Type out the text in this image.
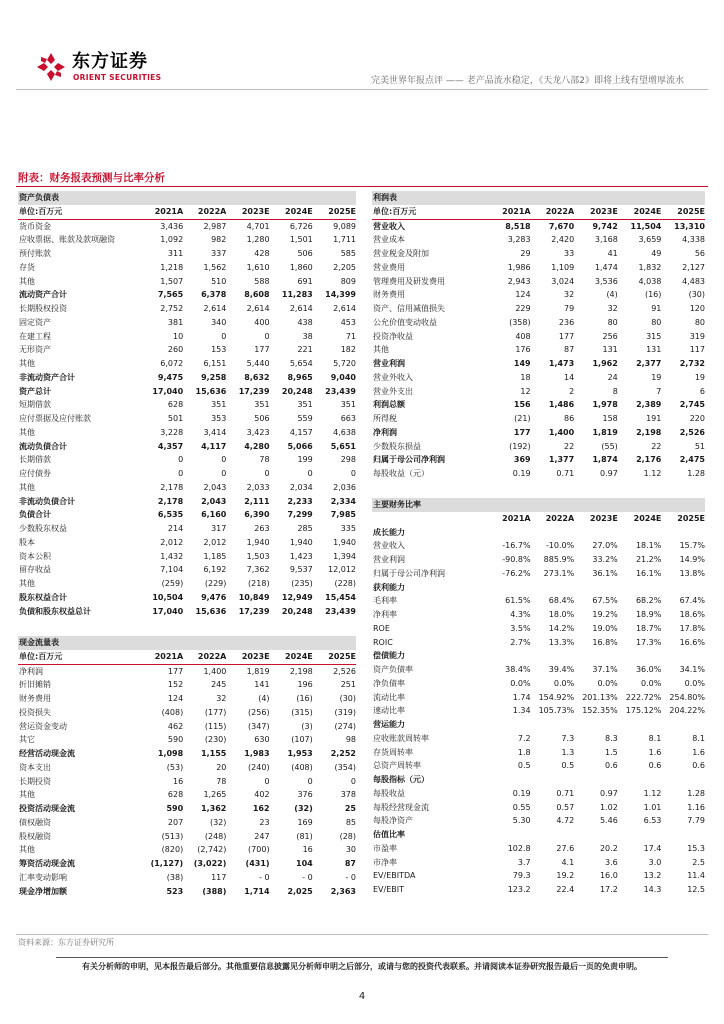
东方证券
ORIENT SECURITIES	完美世界年报点评 —— 老产品流水稳定，《天龙八部2》即将上线有望增厚流水
附表：财务报表预测与比率分析
资产负债表					
单位:百万元	2021A	2022A	2023E	2024E	2025E
货币资金	3,436	2,987	4,701	6,726	9,089
应收票据、账款及款项融资	1,092	982	1,280	1,501	1,711
预付账款	311	337	428	506	585
存货	1,218	1,562	1,610	1,860	2,205
其他	1,507	510	588	691	809
流动资产合计	7,565	6,378	8,608	11,283	14,399
长期股权投资	2,752	2,614	2,614	2,614	2,614
固定资产	381	340	400	438	453
在建工程	10	0	0	38	71
无形资产	260	153	177	221	182
其他	6,072	6,151	5,440	5,654	5,720
非流动资产合计	9,475	9,258	8,632	8,965	9,040
资产总计	17,040	15,636	17,239	20,248	23,439
短期借款	628	351	351	351	351
应付票据及应付账款	501	353	506	559	663
其他	3,228	3,414	3,423	4,157	4,638
流动负债合计	4,357	4,117	4,280	5,066	5,651
长期借款	0	0	78	199	298
应付债券	0	0	0	0	0
其他	2,178	2,043	2,033	2,034	2,036
非流动负债合计	2,178	2,043	2,111	2,233	2,334
负债合计	6,535	6,160	6,390	7,299	7,985
少数股东权益	214	317	263	285	335
股本	2,012	2,012	1,940	1,940	1,940
资本公积	1,432	1,185	1,503	1,423	1,394
留存收益	7,104	6,192	7,362	9,537	12,012
其他	(259)	(229)	(218)	(235)	(228)
股东权益合计	10,504	9,476	10,849	12,949	15,454
负债和股东权益总计	17,040	15,636	17,239	20,248	23,439
现金流量表					
单位:百万元	2021A	2022A	2023E	2024E	2025E
净利润	177	1,400	1,819	2,198	2,526
折旧摊销	152	245	141	196	251
财务费用	124	32	(4)	(16)	(30)
投资损失	(408)	(177)	(256)	(315)	(319)
营运资金变动	462	(115)	(347)	(3)	(274)
其它	590	(230)	630	(107)	98
经营活动现金流	1,098	1,155	1,983	1,953	2,252
资本支出	(53)	20	(240)	(408)	(354)
长期投资	16	78	0	0	0
其他	628	1,265	402	376	378
投资活动现金流	590	1,362	162	(32)	25
债权融资	207	(32)	23	169	85
股权融资	(513)	(248)	247	(81)	(28)
其他	(820)	(2,742)	(700)	16	30
筹资活动现金流	(1,127)	(3,022)	(431)	104	87
汇率变动影响	(38)	117	- 0	- 0	- 0
现金净增加额	523	(388)	1,714	2,025	2,363
利润表					
单位:百万元	2021A	2022A	2023E	2024E	2025E
营业收入	8,518	7,670	9,742	11,504	13,310
营业成本	3,283	2,420	3,168	3,659	4,338
营业税金及附加	29	33	41	49	56
营业费用	1,986	1,109	1,474	1,832	2,127
管理费用及研发费用	2,943	3,024	3,536	4,038	4,483
财务费用	124	32	(4)	(16)	(30)
资产、信用减值损失	229	79	32	91	120
公允价值变动收益	(358)	236	80	80	80
投资净收益	408	177	256	315	319
其他	176	87	131	131	117
营业利润	149	1,473	1,962	2,377	2,732
营业外收入	18	14	24	19	19
营业外支出	12	2	8	7	6
利润总额	156	1,486	1,978	2,389	2,745
所得税	(21)	86	158	191	220
净利润	177	1,400	1,819	2,198	2,526
少数股东损益	(192)	22	(55)	22	51
归属于母公司净利润	369	1,377	1,874	2,176	2,475
每股收益（元）	0.19	0.71	0.97	1.12	1.28
主要财务比率					
	2021A	2022A	2023E	2024E	2025E
成长能力					
营业收入	-16.7%	-10.0%	27.0%	18.1%	15.7%
营业利润	-90.8%	885.9%	33.2%	21.2%	14.9%
归属于母公司净利润	-76.2%	273.1%	36.1%	16.1%	13.8%
获利能力					
毛利率	61.5%	68.4%	67.5%	68.2%	67.4%
净利率	4.3%	18.0%	19.2%	18.9%	18.6%
ROE	3.5%	14.2%	19.0%	18.7%	17.8%
ROIC	2.7%	13.3%	16.8%	17.3%	16.6%
偿债能力					
资产负债率	38.4%	39.4%	37.1%	36.0%	34.1%
净负债率	0.0%	0.0%	0.0%	0.0%	0.0%
流动比率	1.74	154.92%	201.13%	222.72%	254.80%
速动比率	1.34	105.73%	152.35%	175.12%	204.22%
营运能力					
应收账款周转率	7.2	7.3	8.3	8.1	8.1
存货周转率	1.8	1.3	1.5	1.6	1.6
总资产周转率	0.5	0.5	0.6	0.6	0.6
每股指标（元）					
每股收益	0.19	0.71	0.97	1.12	1.28
每股经营现金流	0.55	0.57	1.02	1.01	1.16
每股净资产	5.30	4.72	5.46	6.53	7.79
估值比率					
市盈率	102.8	27.6	20.2	17.4	15.3
市净率	3.7	4.1	3.6	3.0	2.5
EV/EBITDA	79.3	19.2	16.0	13.2	11.4
EV/EBIT	123.2	22.4	17.2	14.3	12.5
资料来源：东方证券研究所
有关分析师的申明，见本报告最后部分。其他重要信息披露见分析师申明之后部分，或请与您的投资代表联系。并请阅读本证券研究报告最后一页的免责申明。
4
